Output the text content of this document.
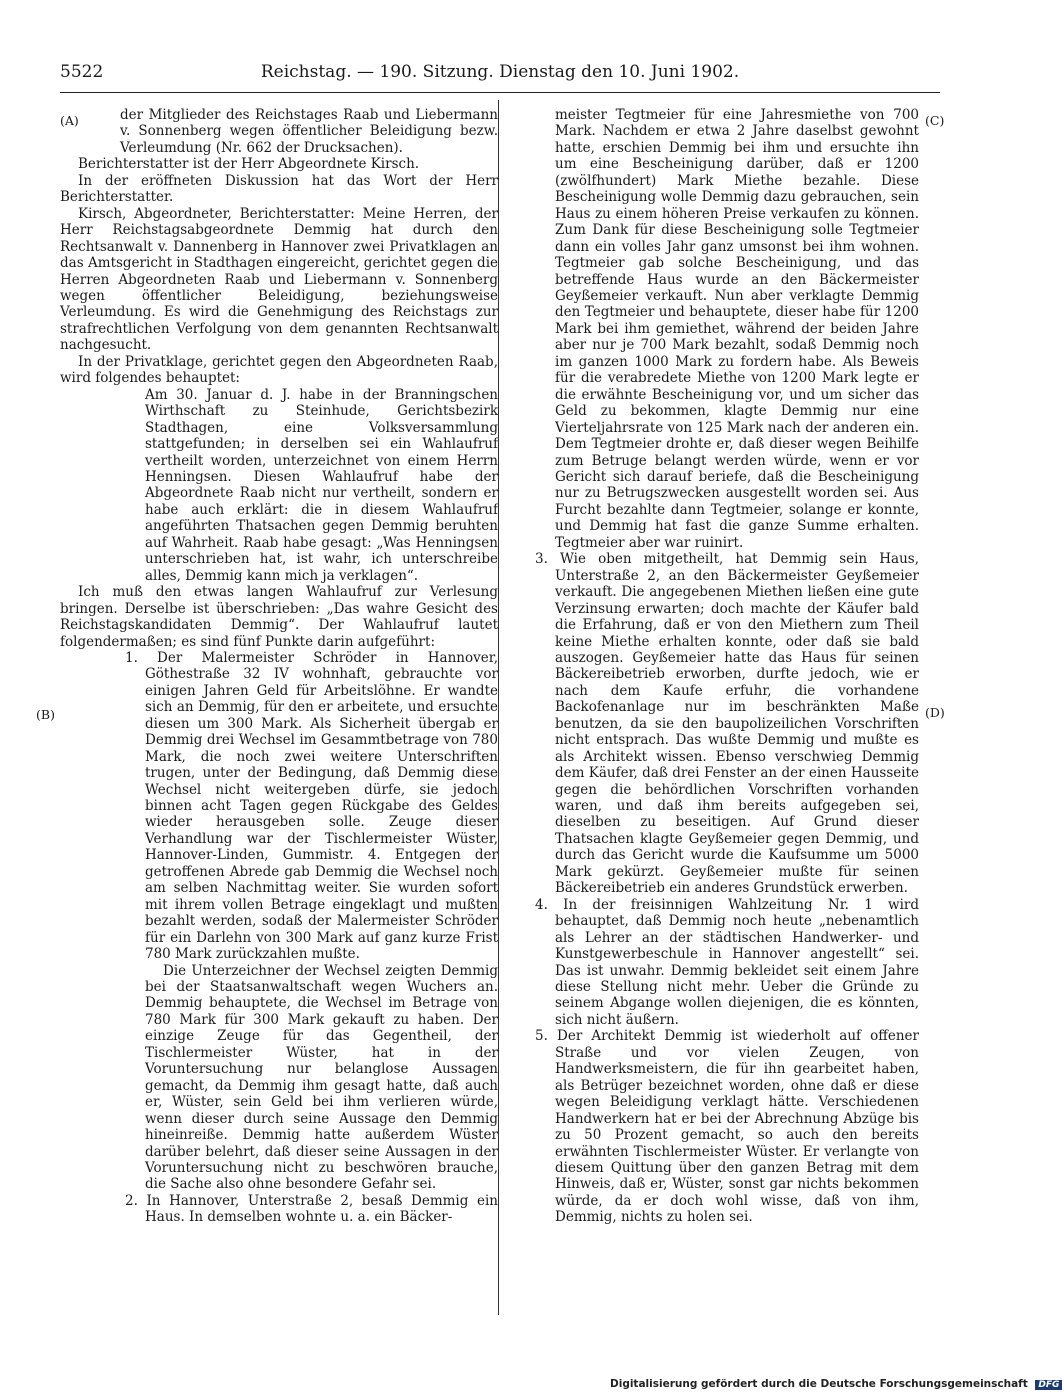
5522	Reichstag. — 190. Sitzung. Dienstag den 10. Juni 1902.
(A)
(B)
(C)
(D)

der Mitglieder des Reichstages Raab und Liebermann v. Sonnenberg wegen öffentlicher Beleidigung bezw. Verleumdung (Nr. 662 der Drucksachen).

Berichterstatter ist der Herr Abgeordnete Kirsch.

In der eröffneten Diskussion hat das Wort der Herr Berichterstatter.

Kirsch, Abgeordneter, Berichterstatter: Meine Herren, der Herr Reichstagsabgeordnete Demmig hat durch den Rechtsanwalt v. Dannenberg in Hannover zwei Privatklagen an das Amtsgericht in Stadthagen eingereicht, gerichtet gegen die Herren Abgeordneten Raab und Liebermann v. Sonnenberg wegen öffentlicher Beleidigung, beziehungsweise Verleumdung. Es wird die Genehmigung des Reichstags zur strafrechtlichen Verfolgung von dem genannten Rechtsanwalt nachgesucht.

In der Privatklage, gerichtet gegen den Abgeordneten Raab, wird folgendes behauptet:

Am 30. Januar d. J. habe in der Branningschen Wirthschaft zu Steinhude, Gerichtsbezirk Stadthagen, eine Volksversammlung stattgefunden; in derselben sei ein Wahlaufruf vertheilt worden, unterzeichnet von einem Herrn Henningsen. Diesen Wahlaufruf habe der Abgeordnete Raab nicht nur vertheilt, sondern er habe auch erklärt: die in diesem Wahlaufruf angeführten Thatsachen gegen Demmig beruhten auf Wahrheit. Raab habe gesagt: „Was Henningsen unterschrieben hat, ist wahr, ich unterschreibe alles, Demmig kann mich ja verklagen“.

Ich muß den etwas langen Wahlaufruf zur Verlesung bringen. Derselbe ist überschrieben: „Das wahre Gesicht des Reichstagskandidaten Demmig“. Der Wahlaufruf lautet folgendermaßen; es sind fünf Punkte darin aufgeführt:

1. Der Malermeister Schröder in Hannover, Göthestraße 32 IV wohnhaft, gebrauchte vor einigen Jahren Geld für Arbeitslöhne. Er wandte sich an Demmig, für den er arbeitete, und ersuchte diesen um 300 Mark. Als Sicherheit übergab er Demmig drei Wechsel im Gesammtbetrage von 780 Mark, die noch zwei weitere Unterschriften trugen, unter der Bedingung, daß Demmig diese Wechsel nicht weitergeben dürfe, sie jedoch binnen acht Tagen gegen Rückgabe des Geldes wieder herausgeben solle. Zeuge dieser Verhandlung war der Tischlermeister Wüster, Hannover-Linden, Gummistr. 4. Entgegen der getroffenen Abrede gab Demmig die Wechsel noch am selben Nachmittag weiter. Sie wurden sofort mit ihrem vollen Betrage eingeklagt und mußten bezahlt werden, sodaß der Malermeister Schröder für ein Darlehn von 300 Mark auf ganz kurze Frist 780 Mark zurückzahlen mußte.

Die Unterzeichner der Wechsel zeigten Demmig bei der Staatsanwaltschaft wegen Wuchers an. Demmig behauptete, die Wechsel im Betrage von 780 Mark für 300 Mark gekauft zu haben. Der einzige Zeuge für das Gegentheil, der Tischlermeister Wüster, hat in der Voruntersuchung nur belanglose Aussagen gemacht, da Demmig ihm gesagt hatte, daß auch er, Wüster, sein Geld bei ihm verlieren würde, wenn dieser durch seine Aussage den Demmig hineinreiße. Demmig hatte außerdem Wüster darüber belehrt, daß dieser seine Aussagen in der Voruntersuchung nicht zu beschwören brauche, die Sache also ohne besondere Gefahr sei.

2. In Hannover, Unterstraße 2, besaß Demmig ein Haus. In demselben wohnte u. a. ein Bäcker-

meister Tegtmeier für eine Jahresmiethe von 700 Mark. Nachdem er etwa 2 Jahre daselbst gewohnt hatte, erschien Demmig bei ihm und ersuchte ihn um eine Bescheinigung darüber, daß er 1200 (zwölfhundert) Mark Miethe bezahle. Diese Bescheinigung wolle Demmig dazu gebrauchen, sein Haus zu einem höheren Preise verkaufen zu können. Zum Dank für diese Bescheinigung solle Tegtmeier dann ein volles Jahr ganz umsonst bei ihm wohnen. Tegtmeier gab solche Bescheinigung, und das betreffende Haus wurde an den Bäckermeister Geyßemeier verkauft. Nun aber verklagte Demmig den Tegtmeier und behauptete, dieser habe für 1200 Mark bei ihm gemiethet, während der beiden Jahre aber nur je 700 Mark bezahlt, sodaß Demmig noch im ganzen 1000 Mark zu fordern habe. Als Beweis für die verabredete Miethe von 1200 Mark legte er die erwähnte Bescheinigung vor, und um sicher das Geld zu bekommen, klagte Demmig nur eine Vierteljahrsrate von 125 Mark nach der anderen ein. Dem Tegtmeier drohte er, daß dieser wegen Beihilfe zum Betruge belangt werden würde, wenn er vor Gericht sich darauf beriefe, daß die Bescheinigung nur zu Betrugszwecken ausgestellt worden sei. Aus Furcht bezahlte dann Tegtmeier, solange er konnte, und Demmig hat fast die ganze Summe erhalten. Tegtmeier aber war ruinirt.

3. Wie oben mitgetheilt, hat Demmig sein Haus, Unterstraße 2, an den Bäckermeister Geyßemeier verkauft. Die angegebenen Miethen ließen eine gute Verzinsung erwarten; doch machte der Käufer bald die Erfahrung, daß er von den Miethern zum Theil keine Miethe erhalten konnte, oder daß sie bald auszogen. Geyßemeier hatte das Haus für seinen Bäckereibetrieb erworben, durfte jedoch, wie er nach dem Kaufe erfuhr, die vorhandene Backofenanlage nur im beschränkten Maße benutzen, da sie den baupolizeilichen Vorschriften nicht entsprach. Das wußte Demmig und mußte es als Architekt wissen. Ebenso verschwieg Demmig dem Käufer, daß drei Fenster an der einen Hausseite gegen die behördlichen Vorschriften vorhanden waren, und daß ihm bereits aufgegeben sei, dieselben zu beseitigen. Auf Grund dieser Thatsachen klagte Geyßemeier gegen Demmig, und durch das Gericht wurde die Kaufsumme um 5000 Mark gekürzt. Geyßemeier mußte für seinen Bäckereibetrieb ein anderes Grundstück erwerben.

4. In der freisinnigen Wahlzeitung Nr. 1 wird behauptet, daß Demmig noch heute „nebenamtlich als Lehrer an der städtischen Handwerker- und Kunstgewerbeschule in Hannover angestellt“ sei. Das ist unwahr. Demmig bekleidet seit einem Jahre diese Stellung nicht mehr. Ueber die Gründe zu seinem Abgange wollen diejenigen, die es könnten, sich nicht äußern.

5. Der Architekt Demmig ist wiederholt auf offener Straße und vor vielen Zeugen, von Handwerksmeistern, die für ihn gearbeitet haben, als Betrüger bezeichnet worden, ohne daß er diese wegen Beleidigung verklagt hätte. Verschiedenen Handwerkern hat er bei der Abrechnung Abzüge bis zu 50 Prozent gemacht, so auch den bereits erwähnten Tischlermeister Wüster. Er verlangte von diesem Quittung über den ganzen Betrag mit dem Hinweis, daß er, Wüster, sonst gar nichts bekommen würde, da er doch wohl wisse, daß von ihm, Demmig, nichts zu holen sei.

Digitalisierung gefördert durch die Deutsche Forschungsgemeinschaft DFG
